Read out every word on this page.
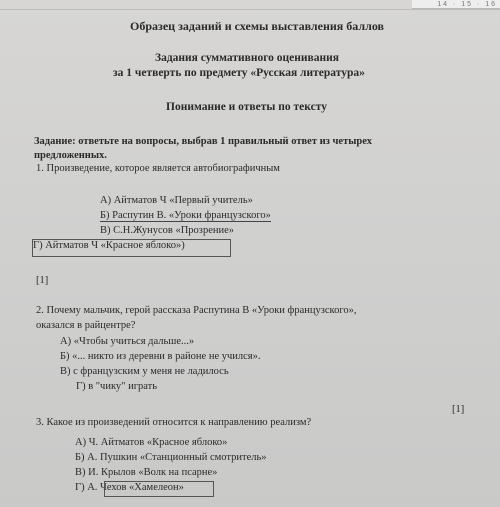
14 · 15 · 16
Образец заданий и схемы выставления баллов
Задания суммативного оценивания
за 1 четверть по предмету «Русская литература»
Понимание и ответы по тексту
Задание: ответьте на вопросы, выбрав 1 правильный ответ из четырех
предложенных.
1. Произведение, которое является автобиографичным
А) Айтматов Ч «Первый учитель»
Б) Распутин В. «Уроки французского»
В) С.Н.Жунусов «Прозрение»
Г) Айтматов Ч «Красное яблоко»)
[1]
2. Почему мальчик, герой рассказа Распутина В «Уроки французского»,
оказался в райцентре?
А) «Чтобы учиться дальше...»
Б) «... никто из деревни в районе не учился».
В) с французским у меня не ладилось
Г) в "чику" играть
[1]
3. Какое из произведений относится к направлению реализм?
А) Ч. Айтматов «Красное яблоко»
Б) А. Пушкин «Станционный смотритель»
В) И. Крылов «Волк на псарне»
Г) А. Чехов «Хамелеон»
